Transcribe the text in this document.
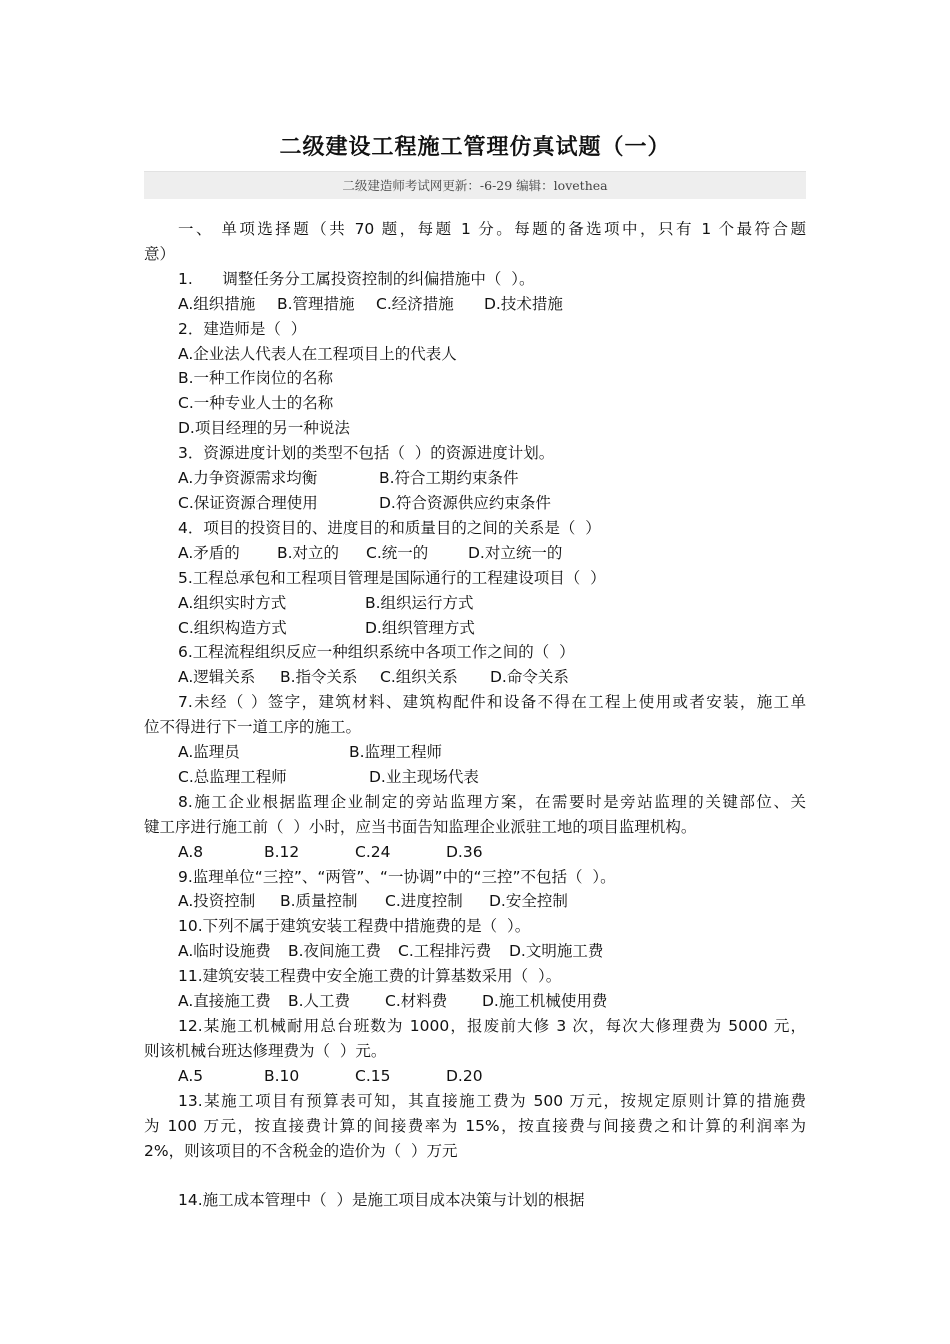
二级建设工程施工管理仿真试题（一）
二级建造师考试网更新：-6-29 编辑：lovethea
一、 单项选择题（共 70 题，每题 1 分。每题的备选项中，只有 1 个最符合题
意）
1.      调整任务分工属投资控制的纠偏措施中（  ）。
A.组织措施	B.管理措施	C.经济措施	D.技术措施
2．建造师是（  ）
A.企业法人代表人在工程项目上的代表人
B.一种工作岗位的名称
C.一种专业人士的名称
D.项目经理的另一种说法
3．资源进度计划的类型不包括（  ）的资源进度计划。
A.力争资源需求均衡	B.符合工期约束条件
C.保证资源合理使用	D.符合资源供应约束条件
4．项目的投资目的、进度目的和质量目的之间的关系是（  ）
A.矛盾的	B.对立的	C.统一的	D.对立统一的
5.工程总承包和工程项目管理是国际通行的工程建设项目（  ）
A.组织实时方式	B.组织运行方式
C.组织构造方式	D.组织管理方式
6.工程流程组织反应一种组织系统中各项工作之间的（  ）
A.逻辑关系	B.指令关系	C.组织关系	D.命令关系
7.未经（ ）签字，建筑材料、建筑构配件和设备不得在工程上使用或者安装，施工单
位不得进行下一道工序的施工。
A.监理员	B.监理工程师
C.总监理工程师	D.业主现场代表
8.施工企业根据监理企业制定的旁站监理方案，在需要时是旁站监理的关键部位、关
键工序进行施工前（  ）小时，应当书面告知监理企业派驻工地的项目监理机构。
A.8	B.12	C.24	D.36
9.监理单位“三控”、“两管”、“一协调”中的“三控”不包括（  ）。
A.投资控制	B.质量控制	C.进度控制	D.安全控制
10.下列不属于建筑安装工程费中措施费的是（  ）。
A.临时设施费	B.夜间施工费	C.工程排污费	D.文明施工费
11.建筑安装工程费中安全施工费的计算基数采用（  ）。
A.直接施工费	B.人工费	C.材料费	D.施工机械使用费
12.某施工机械耐用总台班数为 1000，报废前大修 3 次，每次大修理费为 5000 元，
则该机械台班达修理费为（  ）元。
A.5	B.10	C.15	D.20
13.某施工项目有预算表可知，其直接施工费为 500 万元，按规定原则计算的措施费
为 100 万元，按直接费计算的间接费率为 15%，按直接费与间接费之和计算的利润率为
2%，则该项目的不含税金的造价为（  ）万元
14.施工成本管理中（  ）是施工项目成本决策与计划的根据
